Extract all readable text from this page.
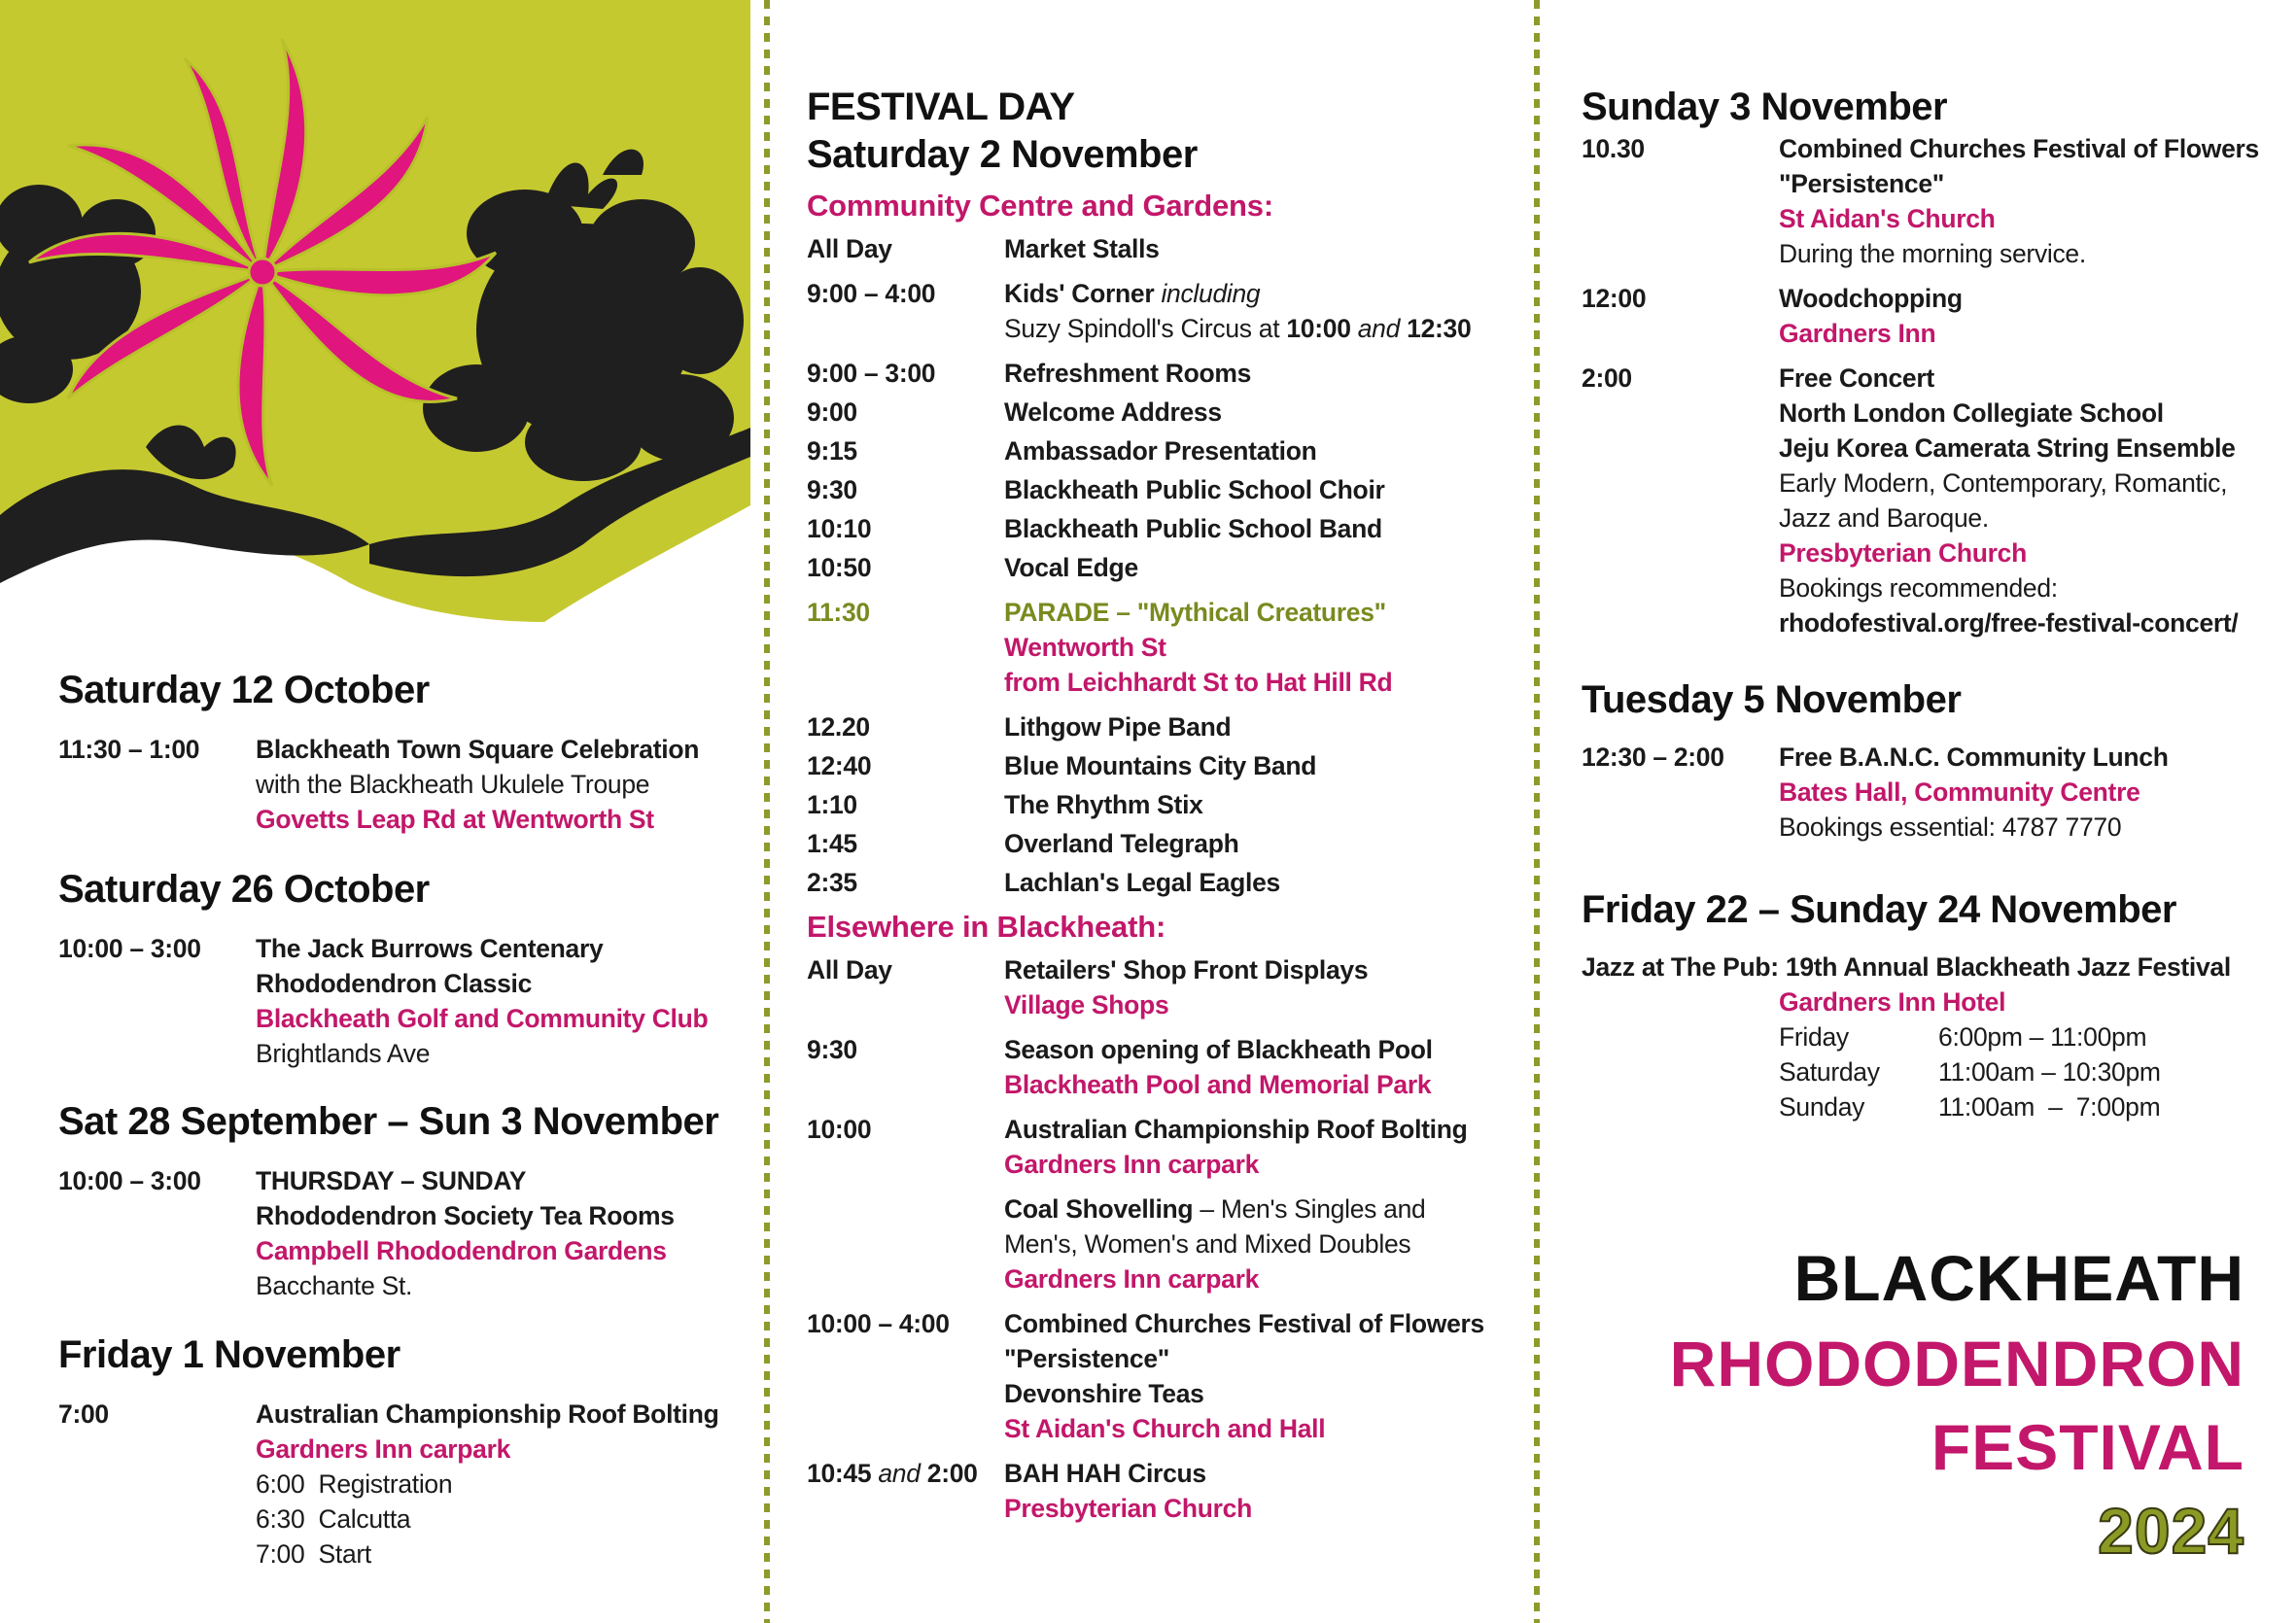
Saturday 12 October
11:30 – 1:00	Blackheath Town Square Celebration
with the Blackheath Ukulele Troupe
Govetts Leap Rd at Wentworth St
Saturday 26 October
10:00 – 3:00	The Jack Burrows Centenary
Rhododendron Classic
Blackheath Golf and Community Club
Brightlands Ave
Sat 28 September – Sun 3 November
10:00 – 3:00	THURSDAY – SUNDAY
Rhododendron Society Tea Rooms
Campbell Rhododendron Gardens
Bacchante St.
Friday 1 November
7:00	Australian Championship Roof Bolting
Gardners Inn carpark
6:00  Registration
6:30  Calcutta
7:00  Start
FESTIVAL DAY
Saturday 2 November
Community Centre and Gardens:
All Day	Market Stalls
9:00 – 4:00	Kids' Corner including
Suzy Spindoll's Circus at 10:00 and 12:30
9:00 – 3:00	Refreshment Rooms
9:00	Welcome Address
9:15	Ambassador Presentation
9:30	Blackheath Public School Choir
10:10	Blackheath Public School Band
10:50	Vocal Edge
11:30	PARADE – "Mythical Creatures"
Wentworth St
from Leichhardt St to Hat Hill Rd
12.20	Lithgow Pipe Band
12:40	Blue Mountains City Band
1:10	The Rhythm Stix
1:45	Overland Telegraph
2:35	Lachlan's Legal Eagles
Elsewhere in Blackheath:
All Day	Retailers' Shop Front Displays
Village Shops
9:30	Season opening of Blackheath Pool
Blackheath Pool and Memorial Park
10:00	Australian Championship Roof Bolting
Gardners Inn carpark
Coal Shovelling – Men's Singles and
Men's, Women's and Mixed Doubles
Gardners Inn carpark
10:00 – 4:00	Combined Churches Festival of Flowers
"Persistence"
Devonshire Teas
St Aidan's Church and Hall
10:45 and 2:00	BAH HAH Circus
Presbyterian Church
Sunday 3 November
10.30	Combined Churches Festival of Flowers
"Persistence"
St Aidan's Church
During the morning service.
12:00	Woodchopping
Gardners Inn
2:00	Free Concert
North London Collegiate School
Jeju Korea Camerata String Ensemble
Early Modern, Contemporary, Romantic,
Jazz and Baroque.
Presbyterian Church
Bookings recommended:
rhodofestival.org/free-festival-concert/
Tuesday 5 November
12:30 – 2:00	Free B.A.N.C. Community Lunch
Bates Hall, Community Centre
Bookings essential: 4787 7770
Friday 22 – Sunday 24 November
Jazz at The Pub: 19th Annual Blackheath Jazz Festival
Gardners Inn Hotel
Friday	6:00pm – 11:00pm
Saturday	11:00am – 10:30pm
Sunday	11:00am  –  7:00pm
BLACKHEATH
RHODODENDRON
FESTIVAL
2024
